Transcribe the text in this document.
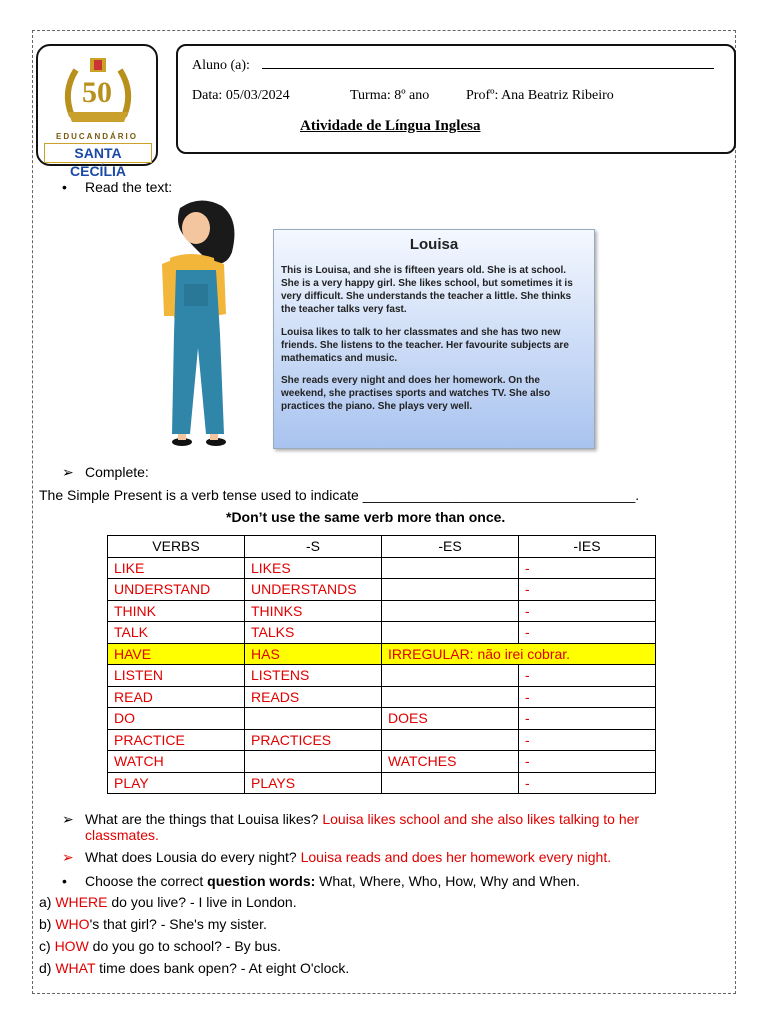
50
EDUCANDÁRIO
SANTA CECÍLIA
Aluno (a):
Data: 05/03/2024	Turma: 8º ano	Profº: Ana Beatriz Ribeiro
Atividade de Língua Inglesa
• Read the text:
Louisa

This is Louisa, and she is fifteen years old. She is at school. She is a very happy girl. She likes school, but sometimes it is very difficult. She understands the teacher a little. She thinks the teacher talks very fast.

Louisa likes to talk to her classmates and she has two new friends. She listens to the teacher. Her favourite subjects are mathematics and music.

She reads every night and does her homework. On the weekend, she practises sports and watches TV. She also practices the piano. She plays very well.

➢ Complete:
The Simple Present is a verb tense used to indicate ___________________________________.
*Don’t use the same verb more than once.
VERBS	-S	-ES	-IES
LIKE	LIKES		-
UNDERSTAND	UNDERSTANDS		-
THINK	THINKS		-
TALK	TALKS		-
HAVE	HAS	IRREGULAR: não irei cobrar.	
LISTEN	LISTENS		-
READ	READS		-
DO		DOES	-
PRACTICE	PRACTICES		-
WATCH		WATCHES	-
PLAY	PLAYS		-
➢ What are the things that Louisa likes? Louisa likes school and she also likes talking to her
classmates.
➢ What does Lousia do every night? Louisa reads and does her homework every night.
• Choose the correct question words: What, Where, Who, How, Why and When.
a) WHERE do you live? - I live in London.
b) WHO's that girl? - She's my sister.
c) HOW do you go to school? - By bus.
d) WHAT time does bank open? - At eight O'clock.
